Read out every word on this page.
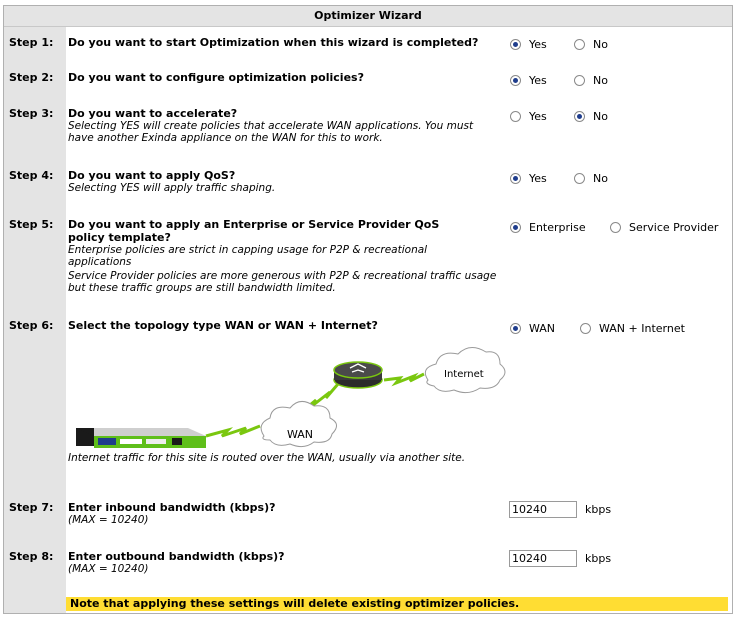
Optimizer Wizard
Step 1: Do you want to start Optimization when this wizard is completed?	Yes	No
Step 2: Do you want to configure optimization policies?	Yes	No
Step 3: Do you want to accelerate?
Selecting YES will create policies that accelerate WAN applications. You must have another Exinda appliance on the WAN for this to work.
Yes	No
Step 4: Do you want to apply QoS?
Selecting YES will apply traffic shaping.
Yes	No
Step 5: Do you want to apply an Enterprise or Service Provider QoS policy template?
Enterprise policies are strict in capping usage for P2P & recreational applications
Service Provider policies are more generous with P2P & recreational traffic usage but these traffic groups are still bandwidth limited.
Enterprise	Service Provider
Step 6: Select the topology type WAN or WAN + Internet?	WAN	WAN + Internet
WAN
Internet
Internet traffic for this site is routed over the WAN, usually via another site.
Step 7: Enter inbound bandwidth (kbps)?
(MAX = 10240)
10240
kbps
Step 8: Enter outbound bandwidth (kbps)?
(MAX = 10240)
10240
kbps
Note that applying these settings will delete existing optimizer policies.
